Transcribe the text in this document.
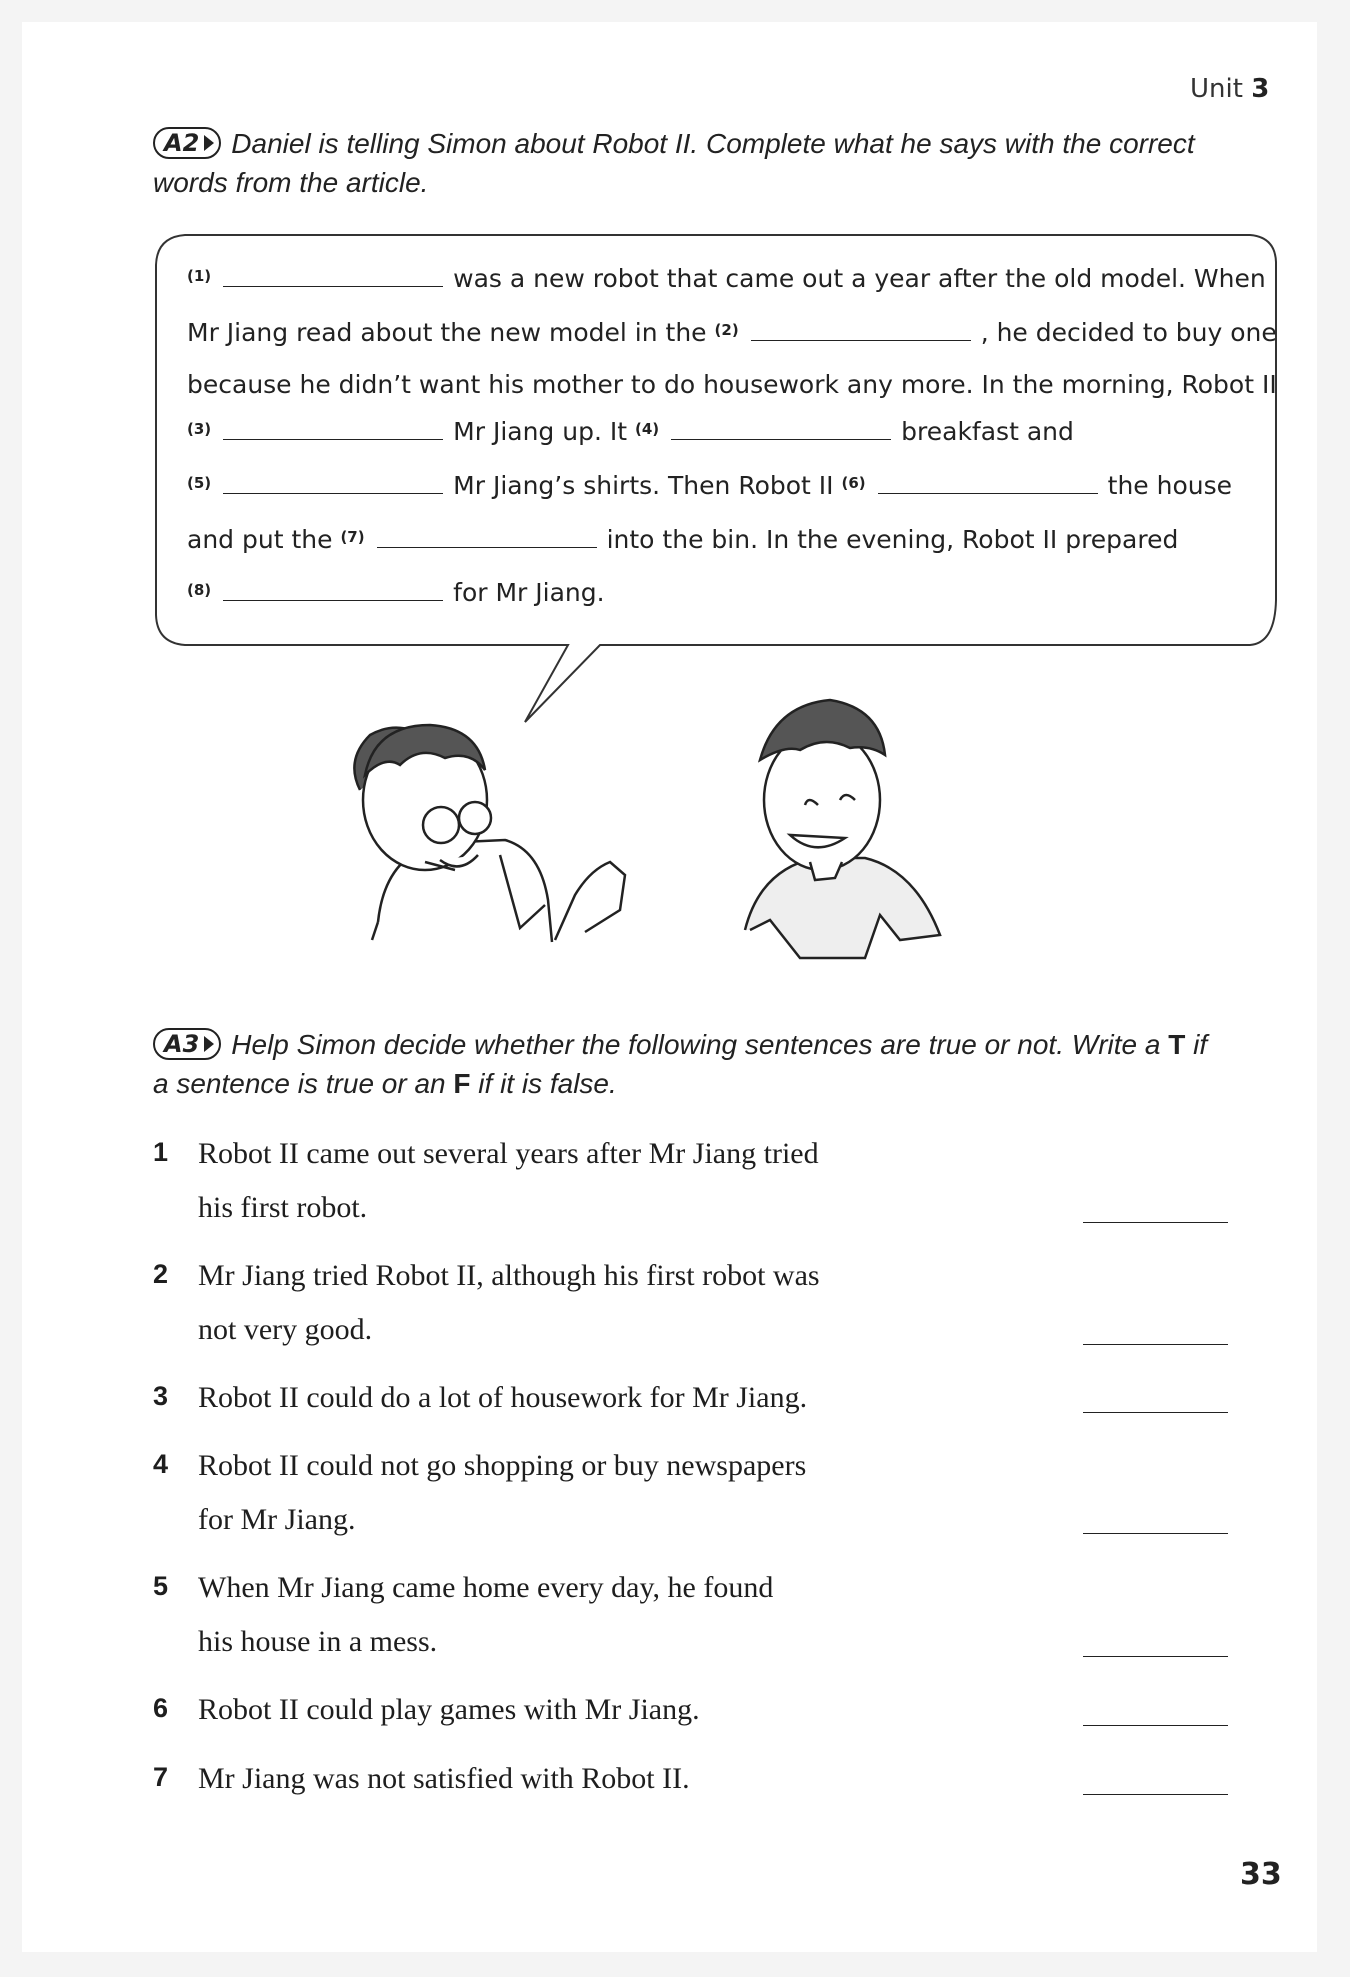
Unit 3
A2 Daniel is telling Simon about Robot II. Complete what he says with the correct words from the article.
$^{(1)}$	was a new robot that came out a year after the old model. When
Mr Jiang read about the new model in the $^{(2)}$	, he decided to buy one
because he didn’t want his mother to do housework any more. In the morning, Robot II
$^{(3)}$	Mr Jiang up. It $^{(4)}$	breakfast and
$^{(5)}$	Mr Jiang’s shirts. Then Robot II $^{(6)}$	the house
and put the $^{(7)}$	into the bin. In the evening, Robot II prepared
$^{(8)}$	for Mr Jiang.
A3 Help Simon decide whether the following sentences are true or not. Write a T if a sentence is true or an F if it is false.
1 Robot II came out several years after Mr Jiang tried
his first robot.
2 Mr Jiang tried Robot II, although his first robot was
not very good.
3 Robot II could do a lot of housework for Mr Jiang.
4 Robot II could not go shopping or buy newspapers
for Mr Jiang.
5 When Mr Jiang came home every day, he found
his house in a mess.
6 Robot II could play games with Mr Jiang.
7 Mr Jiang was not satisfied with Robot II.
33
